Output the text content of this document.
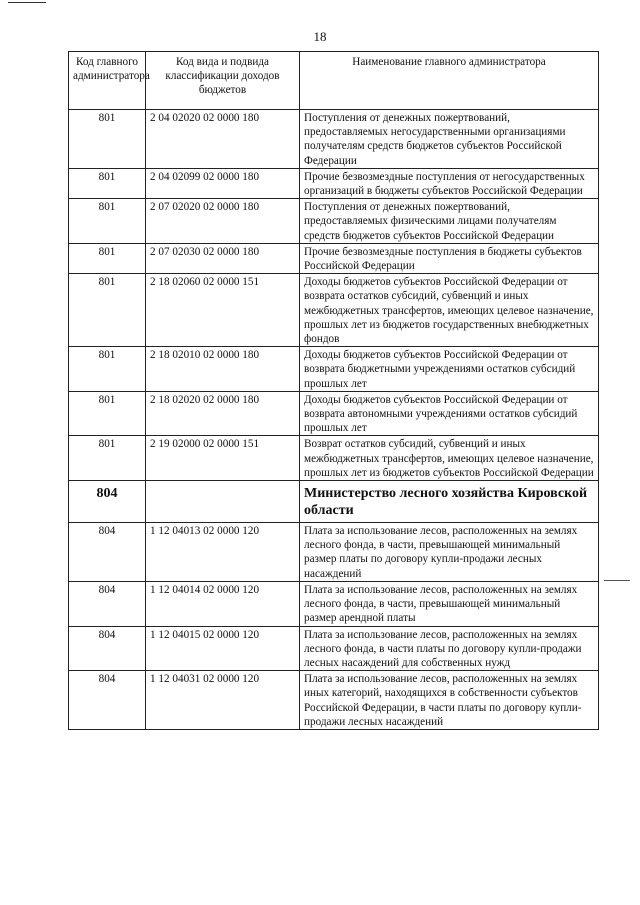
18
Код главного администратора	Код вида и подвида классификации доходов бюджетов	Наименование главного администратора
801	2 04 02020 02 0000 180	Поступления от денежных пожертвований, предоставляемых негосударственными организациями получателям средств бюджетов субъектов Российской Федерации
801	2 04 02099 02 0000 180	Прочие безвозмездные поступления от негосударственных организаций в бюджеты субъектов Российской Федерации
801	2 07 02020 02 0000 180	Поступления от денежных пожертвований, предоставляемых физическими лицами получателям средств бюджетов субъектов Российской Федерации
801	2 07 02030 02 0000 180	Прочие безвозмездные поступления в бюджеты субъектов Российской Федерации
801	2 18 02060 02 0000 151	Доходы бюджетов субъектов Российской Федерации от возврата остатков субсидий, субвенций и иных межбюджетных трансфертов, имеющих целевое назначение, прошлых лет из бюджетов государственных внебюджетных фондов
801	2 18 02010 02 0000 180	Доходы бюджетов субъектов Российской Федерации от возврата бюджетными учреждениями остатков субсидий прошлых лет
801	2 18 02020 02 0000 180	Доходы бюджетов субъектов Российской Федерации от возврата автономными учреждениями остатков субсидий прошлых лет
801	2 19 02000 02 0000 151	Возврат остатков субсидий, субвенций и иных межбюджетных трансфертов, имеющих целевое назначение, прошлых лет из бюджетов субъектов Российской Федерации
804		Министерство лесного хозяйства Кировской области
804	1 12 04013 02 0000 120	Плата за использование лесов, расположенных на землях лесного фонда, в части, превышающей минимальный размер платы по договору купли-продажи лесных насаждений
804	1 12 04014 02 0000 120	Плата за использование лесов, расположенных на землях лесного фонда, в части, превышающей минимальный размер арендной платы
804	1 12 04015 02 0000 120	Плата за использование лесов, расположенных на землях лесного фонда, в части платы по договору купли-продажи лесных насаждений для собственных нужд
804	1 12 04031 02 0000 120	Плата за использование лесов, расположенных на землях иных категорий, находящихся в собственности субъектов Российской Федерации, в части платы по договору купли-продажи лесных насаждений
